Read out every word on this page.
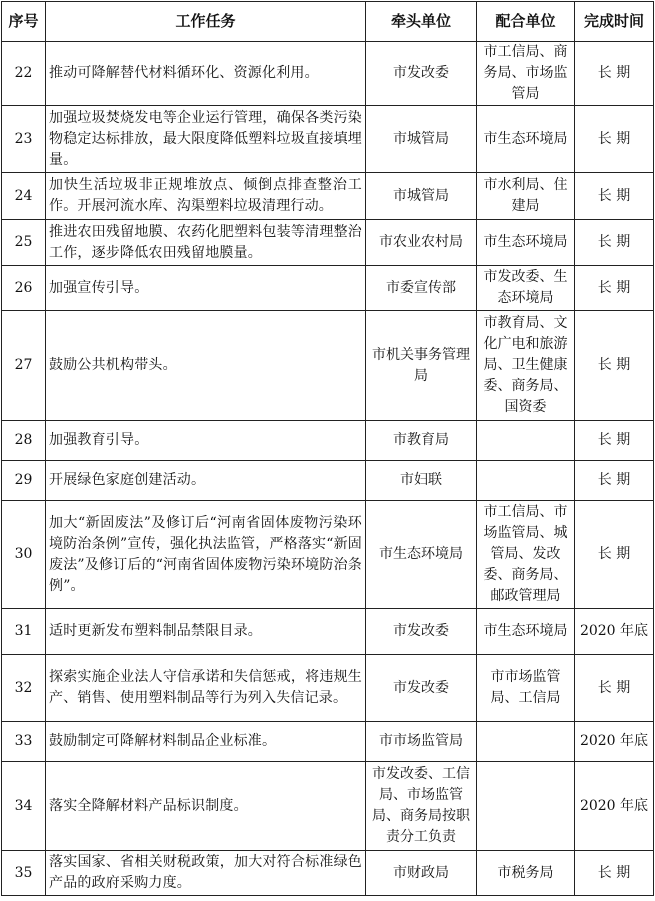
序号	工作任务	牵头单位	配合单位	完成时间
22	推动可降解替代材料循环化、资源化利用。	市发改委	市工信局、商务局、市场监管局	长 期
23	加强垃圾焚烧发电等企业运行管理，确保各类污染物稳定达标排放，最大限度降低塑料垃圾直接填埋量。	市城管局	市生态环境局	长 期
24	加快生活垃圾非正规堆放点、倾倒点排查整治工作。开展河流水库、沟渠塑料垃圾清理行动。	市城管局	市水利局、住建局	长 期
25	推进农田残留地膜、农药化肥塑料包装等清理整治工作，逐步降低农田残留地膜量。	市农业农村局	市生态环境局	长 期
26	加强宣传引导。	市委宣传部	市发改委、生态环境局	长 期
27	鼓励公共机构带头。	市机关事务管理局	市教育局、文化广电和旅游局、卫生健康委、商务局、国资委	长 期
28	加强教育引导。	市教育局		长 期
29	开展绿色家庭创建活动。	市妇联		长 期
30	加大“新固废法”及修订后“河南省固体废物污染环境防治条例”宣传，强化执法监管，严格落实“新固废法”及修订后的“河南省固体废物污染环境防治条例”。	市生态环境局	市工信局、市场监管局、城管局、发改委、商务局、邮政管理局	长 期
31	适时更新发布塑料制品禁限目录。	市发改委	市生态环境局	2020 年底
32	探索实施企业法人守信承诺和失信惩戒，将违规生产、销售、使用塑料制品等行为列入失信记录。	市发改委	市市场监管局、工信局	长 期
33	鼓励制定可降解材料制品企业标准。	市市场监管局		2020 年底
34	落实全降解材料产品标识制度。	市发改委、工信局、市场监管局、商务局按职责分工负责		2020 年底
35	落实国家、省相关财税政策，加大对符合标准绿色产品的政府采购力度。	市财政局	市税务局	长 期
